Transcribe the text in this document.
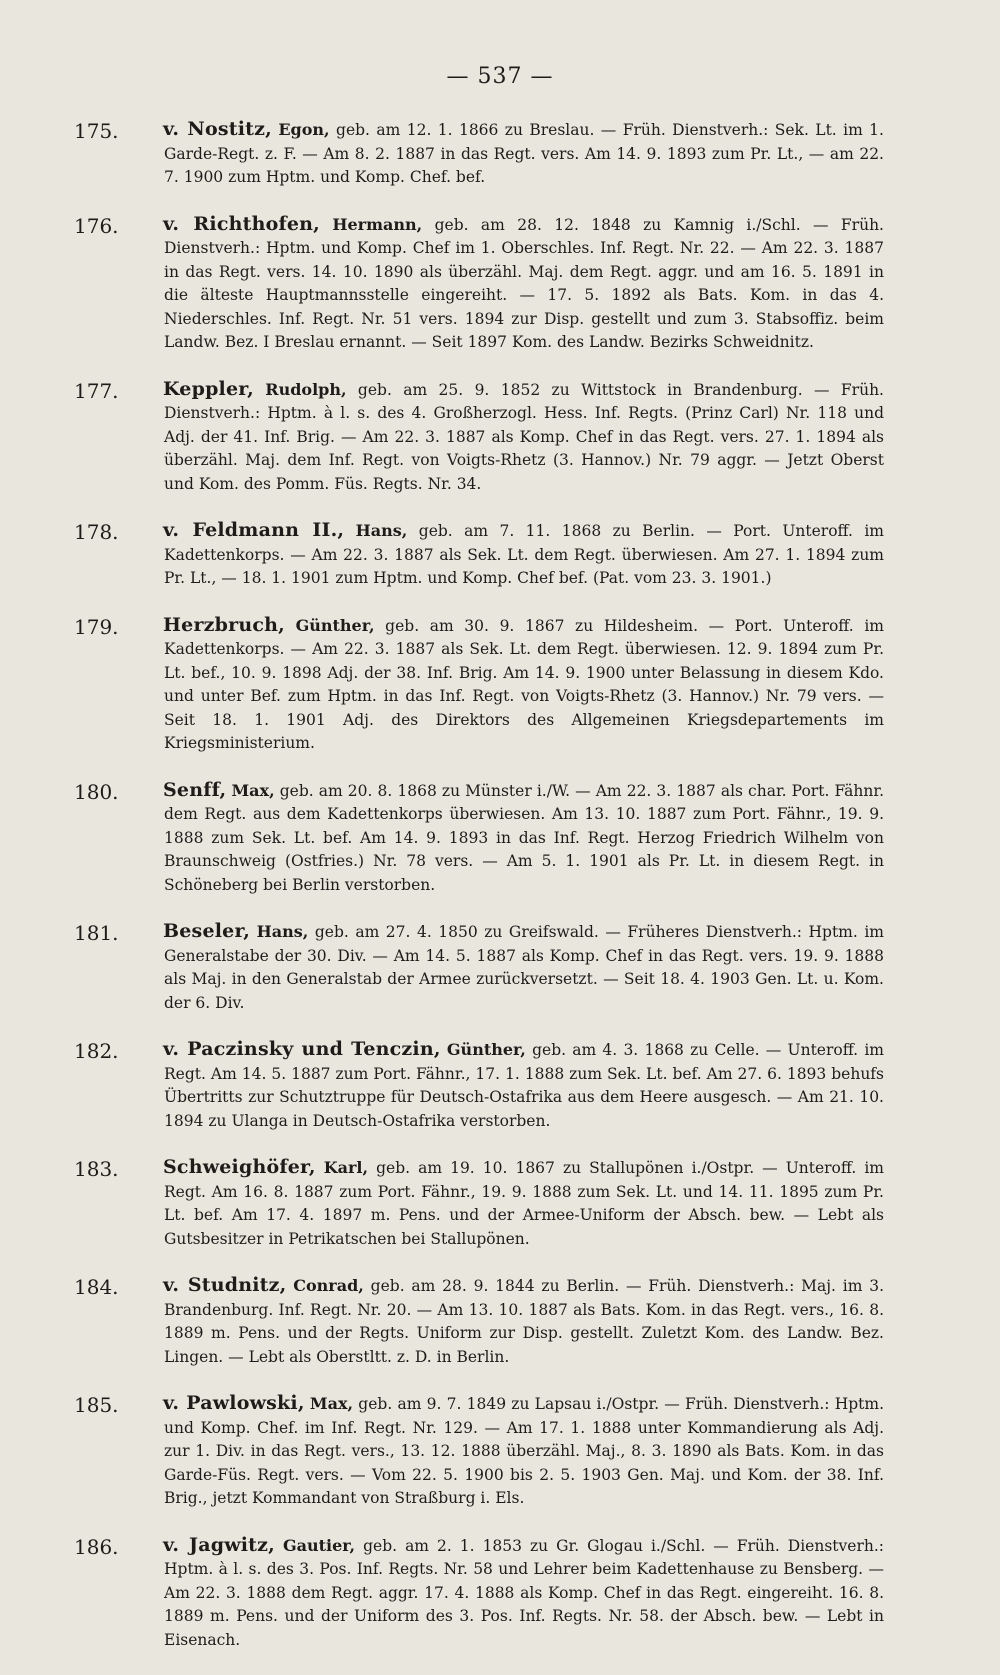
— 537 —
175.	v. Nostitz, Egon, geb. am 12. 1. 1866 zu Breslau. — Früh. Dienstverh.: Sek. Lt. im 1. Garde-Regt. z. F. — Am 8. 2. 1887 in das Regt. vers. Am 14. 9. 1893 zum Pr. Lt., — am 22. 7. 1900 zum Hptm. und Komp. Chef. bef.
176.	v. Richthofen, Hermann, geb. am 28. 12. 1848 zu Kamnig i./Schl. — Früh. Dienstverh.: Hptm. und Komp. Chef im 1. Oberschles. Inf. Regt. Nr. 22. — Am 22. 3. 1887 in das Regt. vers. 14. 10. 1890 als überzähl. Maj. dem Regt. aggr. und am 16. 5. 1891 in die älteste Hauptmannsstelle eingereiht. — 17. 5. 1892 als Bats. Kom. in das 4. Niederschles. Inf. Regt. Nr. 51 vers. 1894 zur Disp. gestellt und zum 3. Stabsoffiz. beim Landw. Bez. I Breslau ernannt. — Seit 1897 Kom. des Landw. Bezirks Schweidnitz.
177.	Keppler, Rudolph, geb. am 25. 9. 1852 zu Wittstock in Brandenburg. — Früh. Dienstverh.: Hptm. à l. s. des 4. Großherzogl. Hess. Inf. Regts. (Prinz Carl) Nr. 118 und Adj. der 41. Inf. Brig. — Am 22. 3. 1887 als Komp. Chef in das Regt. vers. 27. 1. 1894 als überzähl. Maj. dem Inf. Regt. von Voigts-Rhetz (3. Hannov.) Nr. 79 aggr. — Jetzt Oberst und Kom. des Pomm. Füs. Regts. Nr. 34.
178.	v. Feldmann II., Hans, geb. am 7. 11. 1868 zu Berlin. — Port. Unteroff. im Kadettenkorps. — Am 22. 3. 1887 als Sek. Lt. dem Regt. überwiesen. Am 27. 1. 1894 zum Pr. Lt., — 18. 1. 1901 zum Hptm. und Komp. Chef bef. (Pat. vom 23. 3. 1901.)
179.	Herzbruch, Günther, geb. am 30. 9. 1867 zu Hildesheim. — Port. Unteroff. im Kadettenkorps. — Am 22. 3. 1887 als Sek. Lt. dem Regt. überwiesen. 12. 9. 1894 zum Pr. Lt. bef., 10. 9. 1898 Adj. der 38. Inf. Brig. Am 14. 9. 1900 unter Belassung in diesem Kdo. und unter Bef. zum Hptm. in das Inf. Regt. von Voigts-Rhetz (3. Hannov.) Nr. 79 vers. — Seit 18. 1. 1901 Adj. des Direktors des Allgemeinen Kriegsdepartements im Kriegsministerium.
180.	Senff, Max, geb. am 20. 8. 1868 zu Münster i./W. — Am 22. 3. 1887 als char. Port. Fähnr. dem Regt. aus dem Kadettenkorps überwiesen. Am 13. 10. 1887 zum Port. Fähnr., 19. 9. 1888 zum Sek. Lt. bef. Am 14. 9. 1893 in das Inf. Regt. Herzog Friedrich Wilhelm von Braunschweig (Ostfries.) Nr. 78 vers. — Am 5. 1. 1901 als Pr. Lt. in diesem Regt. in Schöneberg bei Berlin verstorben.
181.	Beseler, Hans, geb. am 27. 4. 1850 zu Greifswald. — Früheres Dienstverh.: Hptm. im Generalstabe der 30. Div. — Am 14. 5. 1887 als Komp. Chef in das Regt. vers. 19. 9. 1888 als Maj. in den Generalstab der Armee zurückversetzt. — Seit 18. 4. 1903 Gen. Lt. u. Kom. der 6. Div.
182.	v. Paczinsky und Tenczin, Günther, geb. am 4. 3. 1868 zu Celle. — Unteroff. im Regt. Am 14. 5. 1887 zum Port. Fähnr., 17. 1. 1888 zum Sek. Lt. bef. Am 27. 6. 1893 behufs Übertritts zur Schutztruppe für Deutsch-Ostafrika aus dem Heere ausgesch. — Am 21. 10. 1894 zu Ulanga in Deutsch-Ostafrika verstorben.
183.	Schweighöfer, Karl, geb. am 19. 10. 1867 zu Stallupönen i./Ostpr. — Unteroff. im Regt. Am 16. 8. 1887 zum Port. Fähnr., 19. 9. 1888 zum Sek. Lt. und 14. 11. 1895 zum Pr. Lt. bef. Am 17. 4. 1897 m. Pens. und der Armee-Uniform der Absch. bew. — Lebt als Gutsbesitzer in Petrikatschen bei Stallupönen.
184.	v. Studnitz, Conrad, geb. am 28. 9. 1844 zu Berlin. — Früh. Dienstverh.: Maj. im 3. Brandenburg. Inf. Regt. Nr. 20. — Am 13. 10. 1887 als Bats. Kom. in das Regt. vers., 16. 8. 1889 m. Pens. und der Regts. Uniform zur Disp. gestellt. Zuletzt Kom. des Landw. Bez. Lingen. — Lebt als Oberstltt. z. D. in Berlin.
185.	v. Pawlowski, Max, geb. am 9. 7. 1849 zu Lapsau i./Ostpr. — Früh. Dienstverh.: Hptm. und Komp. Chef. im Inf. Regt. Nr. 129. — Am 17. 1. 1888 unter Kommandierung als Adj. zur 1. Div. in das Regt. vers., 13. 12. 1888 überzähl. Maj., 8. 3. 1890 als Bats. Kom. in das Garde-Füs. Regt. vers. — Vom 22. 5. 1900 bis 2. 5. 1903 Gen. Maj. und Kom. der 38. Inf. Brig., jetzt Kommandant von Straßburg i. Els.
186.	v. Jagwitz, Gautier, geb. am 2. 1. 1853 zu Gr. Glogau i./Schl. — Früh. Dienstverh.: Hptm. à l. s. des 3. Pos. Inf. Regts. Nr. 58 und Lehrer beim Kadettenhause zu Bensberg. — Am 22. 3. 1888 dem Regt. aggr. 17. 4. 1888 als Komp. Chef in das Regt. eingereiht. 16. 8. 1889 m. Pens. und der Uniform des 3. Pos. Inf. Regts. Nr. 58. der Absch. bew. — Lebt in Eisenach.
